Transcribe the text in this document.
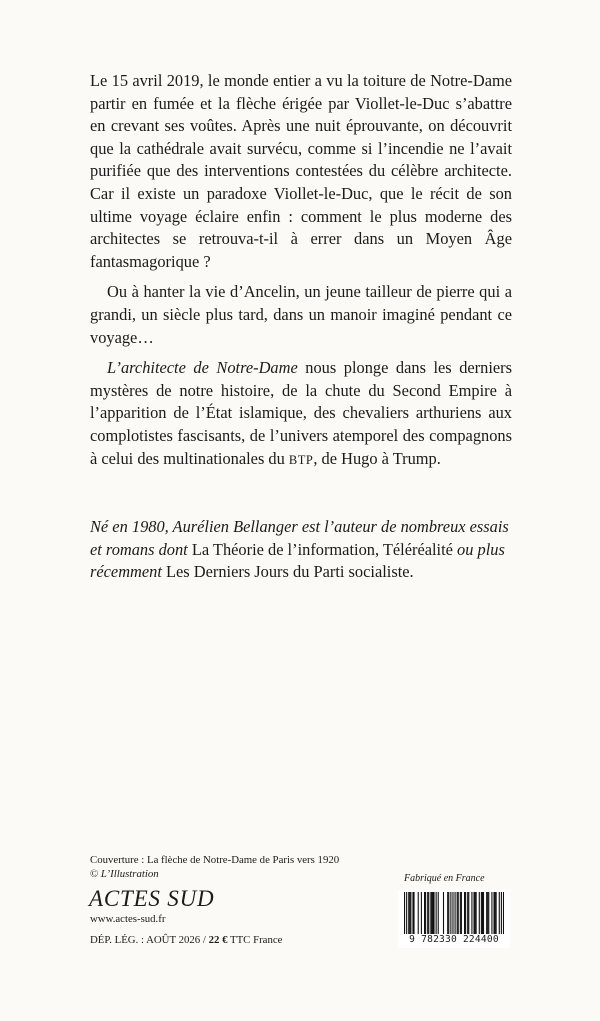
Le 15 avril 2019, le monde entier a vu la toiture de Notre-Dame partir en fumée et la flèche érigée par Viollet-le-Duc s’abattre en crevant ses voûtes. Après une nuit éprouvante, on découvrit que la cathédrale avait survécu, comme si l’incendie ne l’avait purifiée que des interventions contestées du célèbre architecte. Car il existe un paradoxe Viollet-le-Duc, que le récit de son ultime voyage éclaire enfin : comment le plus moderne des architectes se retrouva-t-il à errer dans un Moyen Âge fantasmagorique ?

Ou à hanter la vie d’Ancelin, un jeune tailleur de pierre qui a grandi, un siècle plus tard, dans un manoir imaginé pendant ce voyage…

L’architecte de Notre-Dame nous plonge dans les derniers mystères de notre histoire, de la chute du Second Empire à l’apparition de l’État islamique, des chevaliers arthuriens aux complotistes fascisants, de l’univers atemporel des compagnons à celui des multinationales du BTP, de Hugo à Trump.

Né en 1980, Aurélien Bellanger est l’auteur de nombreux essais et romans dont La Théorie de l’information, Téléréalité ou plus récemment Les Derniers Jours du Parti socialiste.

Couverture : La flèche de Notre-Dame de Paris vers 1920
© L’Illustration
ACTES SUD
www.actes-sud.fr
DÉP. LÉG. : AOÛT 2026 / 22 € TTC France
Fabriqué en France
9 782330 224400
